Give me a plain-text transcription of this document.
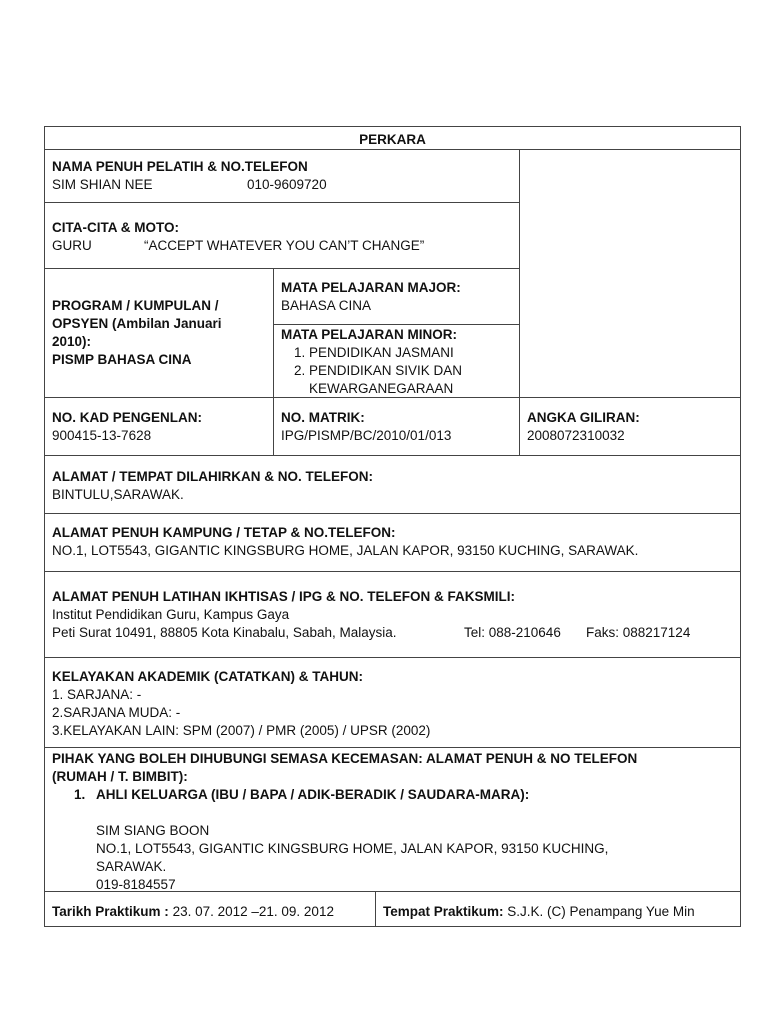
PERKARA
NAMA PENUH PELATIH & NO.TELEFON
SIM SHIAN NEE	010-9609720
CITA-CITA & MOTO:
GURU	“ACCEPT WHATEVER YOU CAN’T CHANGE”
PROGRAM / KUMPULAN /
OPSYEN (Ambilan Januari
2010):
PISMP BAHASA CINA
MATA PELAJARAN MAJOR:
BAHASA CINA
MATA PELAJARAN MINOR:
1. PENDIDIKAN JASMANI
2. PENDIDIKAN SIVIK DAN KEWARGANEGARAAN
NO. KAD PENGENLAN:
900415-13-7628
NO. MATRIK:
IPG/PISMP/BC/2010/01/013
ANGKA GILIRAN:
2008072310032
ALAMAT / TEMPAT DILAHIRKAN & NO. TELEFON:
BINTULU,SARAWAK.
ALAMAT PENUH KAMPUNG / TETAP & NO.TELEFON:
NO.1, LOT5543, GIGANTIC KINGSBURG HOME, JALAN KAPOR, 93150 KUCHING, SARAWAK.
ALAMAT PENUH LATIHAN IKHTISAS / IPG & NO. TELEFON & FAKSMILI:
Institut Pendidikan Guru, Kampus Gaya
Peti Surat 10491, 88805 Kota Kinabalu, Sabah, Malaysia.	Tel: 088-210646 Faks: 088217124
KELAYAKAN AKADEMIK (CATATKAN) & TAHUN:
1. SARJANA: -
2.SARJANA MUDA: -
3.KELAYAKAN LAIN: SPM (2007) / PMR (2005) / UPSR (2002)
PIHAK YANG BOLEH DIHUBUNGI SEMASA KECEMASAN: ALAMAT PENUH & NO TELEFON
(RUMAH / T. BIMBIT):
1. AHLI KELUARGA (IBU / BAPA / ADIK-BERADIK / SAUDARA-MARA):
SIM SIANG BOON
NO.1, LOT5543, GIGANTIC KINGSBURG HOME, JALAN KAPOR, 93150 KUCHING,
SARAWAK.
019-8184557
Tarikh Praktikum : 23. 07. 2012 –21. 09. 2012	Tempat Praktikum: S.J.K. (C) Penampang Yue Min
